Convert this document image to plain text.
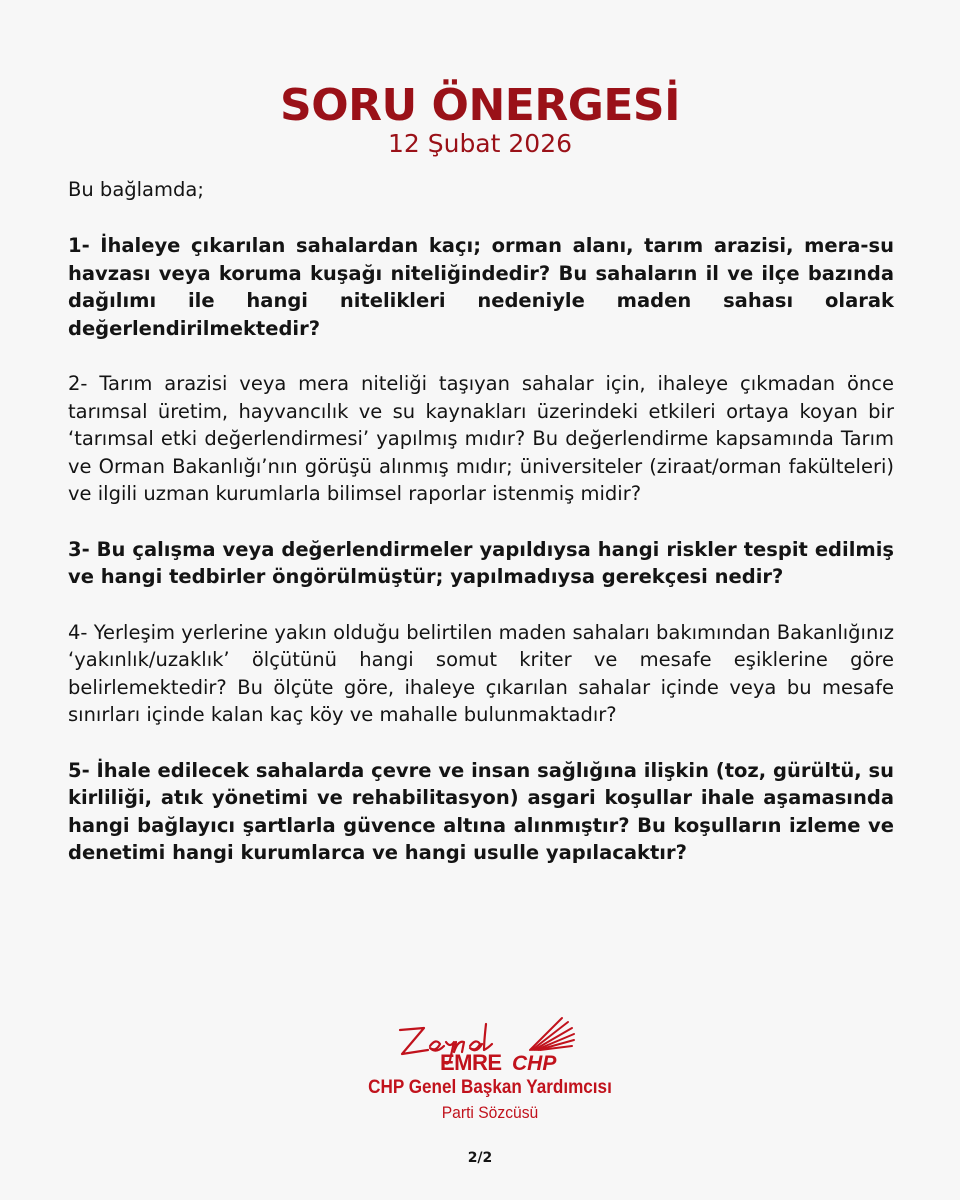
SORU ÖNERGESİ
12 Şubat 2026
Bu bağlamda;

1- İhaleye çıkarılan sahalardan kaçı; orman alanı, tarım arazisi, mera-su havzası veya koruma kuşağı niteliğindedir? Bu sahaların il ve ilçe bazında dağılımı ile hangi nitelikleri nedeniyle maden sahası olarak değerlendirilmektedir?

2- Tarım arazisi veya mera niteliği taşıyan sahalar için, ihaleye çıkmadan önce tarımsal üretim, hayvancılık ve su kaynakları üzerindeki etkileri ortaya koyan bir ‘tarımsal etki değerlendirmesi’ yapılmış mıdır? Bu değerlendirme kapsamında Tarım ve Orman Bakanlığı’nın görüşü alınmış mıdır; üniversiteler (ziraat/orman fakülteleri) ve ilgili uzman kurumlarla bilimsel raporlar istenmiş midir?

3- Bu çalışma veya değerlendirmeler yapıldıysa hangi riskler tespit edilmiş ve hangi tedbirler öngörülmüştür; yapılmadıysa gerekçesi nedir?

4- Yerleşim yerlerine yakın olduğu belirtilen maden sahaları bakımından Bakanlığınız ‘yakınlık/uzaklık’ ölçütünü hangi somut kriter ve mesafe eşiklerine göre belirlemektedir? Bu ölçüte göre, ihaleye çıkarılan sahalar içinde veya bu mesafe sınırları içinde kalan kaç köy ve mahalle bulunmaktadır?

5- İhale edilecek sahalarda çevre ve insan sağlığına ilişkin (toz, gürültü, su kirliliği, atık yönetimi ve rehabilitasyon) asgari koşullar ihale aşamasında hangi bağlayıcı şartlarla güvence altına alınmıştır? Bu koşulların izleme ve denetimi hangi kurumlarca ve hangi usulle yapılacaktır?

EMRE CHP
CHP Genel Başkan Yardımcısı
Parti Sözcüsü
2/2
